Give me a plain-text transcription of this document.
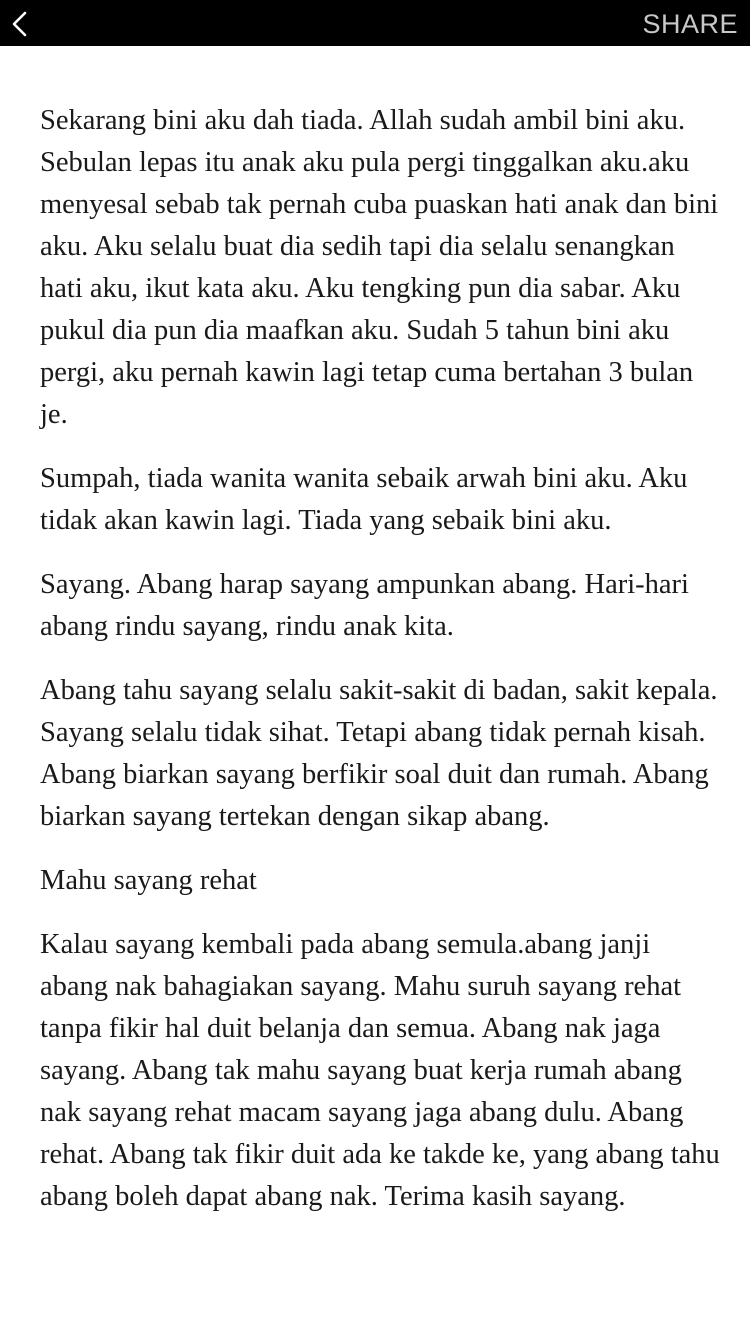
SHARE

Sekarang bini aku dah tiada. Allah sudah ambil bini aku. Sebulan lepas itu anak aku pula pergi tinggalkan aku.aku menyesal sebab tak pernah cuba puaskan hati anak dan bini aku. Aku selalu buat dia sedih tapi dia selalu senangkan hati aku, ikut kata aku. Aku tengking pun dia sabar. Aku pukul dia pun dia maafkan aku. Sudah 5 tahun bini aku pergi, aku pernah kawin lagi tetap cuma bertahan 3 bulan je.

Sumpah, tiada wanita wanita sebaik arwah bini aku. Aku tidak akan kawin lagi. Tiada yang sebaik bini aku.

Sayang. Abang harap sayang ampunkan abang. Hari-hari abang rindu sayang, rindu anak kita.

Abang tahu sayang selalu sakit-sakit di badan, sakit kepala. Sayang selalu tidak sihat. Tetapi abang tidak pernah kisah. Abang biarkan sayang berfikir soal duit dan rumah. Abang biarkan sayang tertekan dengan sikap abang.

Mahu sayang rehat

Kalau sayang kembali pada abang semula.abang janji abang nak bahagiakan sayang. Mahu suruh sayang rehat tanpa fikir hal duit belanja dan semua. Abang nak jaga sayang. Abang tak mahu sayang buat kerja rumah abang nak sayang rehat macam sayang jaga abang dulu. Abang rehat. Abang tak fikir duit ada ke takde ke, yang abang tahu abang boleh dapat abang nak. Terima kasih sayang.
